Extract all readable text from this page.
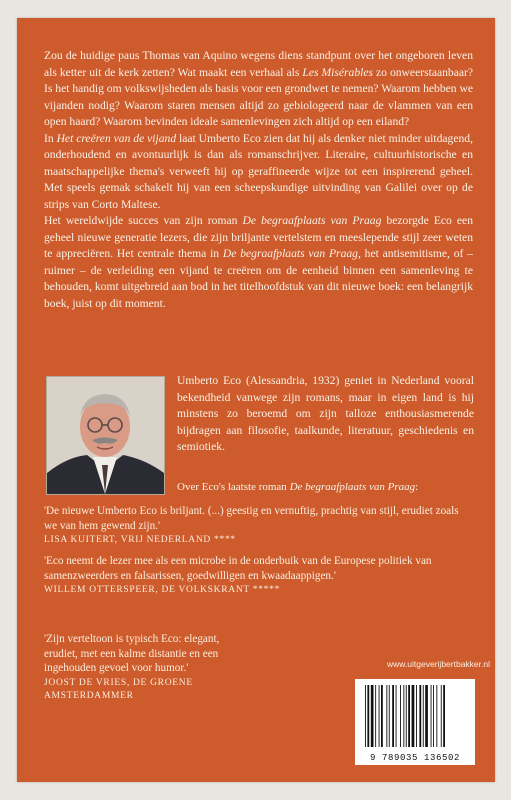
Zou de huidige paus Thomas van Aquino wegens diens standpunt over het ongeboren leven als ketter uit de kerk zetten? Wat maakt een verhaal als Les Misérables zo onweerstaanbaar? Is het handig om volkswijsheden als basis voor een grondwet te nemen? Waarom hebben we vijanden nodig? Waarom staren mensen altijd zo gebiologeerd naar de vlammen van een open haard? Waarom bevinden ideale samenlevingen zich altijd op een eiland?

In Het creëren van de vijand laat Umberto Eco zien dat hij als denker niet minder uitdagend, onderhoudend en avontuurlijk is dan als romanschrijver. Literaire, cultuurhistorische en maatschappelijke thema's verweeft hij op geraffineerde wijze tot een inspirerend geheel. Met speels gemak schakelt hij van een scheepskundige uitvinding van Galilei over op de strips van Corto Maltese.

Het wereldwijde succes van zijn roman De begraafplaats van Praag bezorgde Eco een geheel nieuwe generatie lezers, die zijn briljante vertelstem en meeslepende stijl zeer weten te appreciëren. Het centrale thema in De begraafplaats van Praag, het antisemitisme, of – ruimer – de verleiding een vijand te creëren om de eenheid binnen een samenleving te behouden, komt uitgebreid aan bod in het titelhoofdstuk van dit nieuwe boek: een belangrijk boek, juist op dit moment.

Umberto Eco (Alessandria, 1932) geniet in Nederland vooral bekendheid vanwege zijn romans, maar in eigen land is hij minstens zo beroemd om zijn talloze enthousiasmerende bijdragen aan filosofie, taalkunde, literatuur, geschiedenis en semiotiek.
Over Eco's laatste roman De begraafplaats van Praag:
'De nieuwe Umberto Eco is briljant. (...) geestig en vernuftig, prachtig van stijl, erudiet zoals we van hem gewend zijn.'
LISA KUITERT, VRIJ NEDERLAND ****
'Eco neemt de lezer mee als een microbe in de onderbuik van de Europese politiek van samenzweerders en falsarissen, goedwilligen en kwaadaappigen.'
WILLEM OTTERSPEER, DE VOLKSKRANT *****
'Zijn verteltoon is typisch Eco: elegant, erudiet, met een kalme distantie en een ingehouden gevoel voor humor.'
JOOST DE VRIES, DE GROENE AMSTERDAMMER
www.uitgeverijbertbakker.nl
9 789035 136502
